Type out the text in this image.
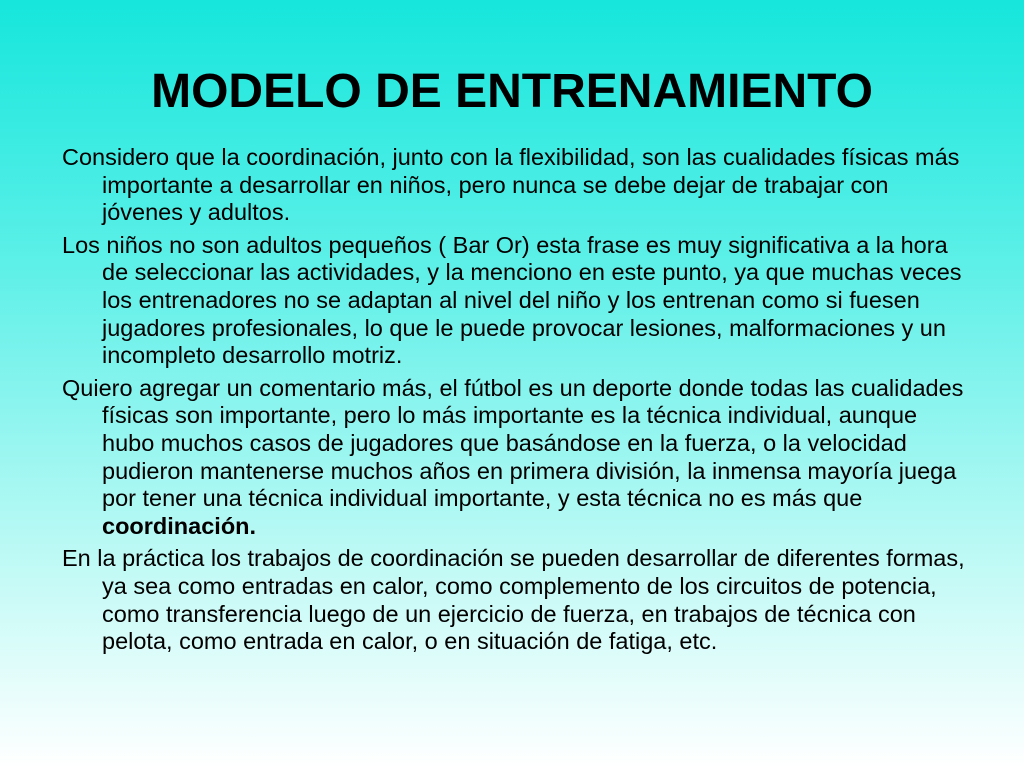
MODELO DE ENTRENAMIENTO

Considero que la coordinación, junto con la flexibilidad, son las cualidades físicas más importante a desarrollar en niños, pero nunca se debe dejar de trabajar con jóvenes y adultos.

Los niños no son adultos pequeños ( Bar Or) esta frase es muy significativa a la hora de seleccionar las actividades, y la menciono en este punto, ya que muchas veces los entrenadores no se adaptan al nivel del niño y los entrenan como si fuesen jugadores profesionales, lo que le puede provocar lesiones, malformaciones y un incompleto desarrollo motriz.

Quiero agregar un comentario más, el fútbol es un deporte donde todas las cualidades físicas son importante, pero lo más importante es la técnica individual, aunque hubo muchos casos de jugadores que basándose en la fuerza, o la velocidad pudieron mantenerse muchos años en primera división, la inmensa mayoría juega por tener una técnica individual importante, y esta técnica no es más que coordinación.

En la práctica los trabajos de coordinación se pueden desarrollar de diferentes formas, ya sea como entradas en calor, como complemento de los circuitos de potencia, como transferencia luego de un ejercicio de fuerza, en trabajos de técnica con pelota, como entrada en calor, o en situación de fatiga, etc.
